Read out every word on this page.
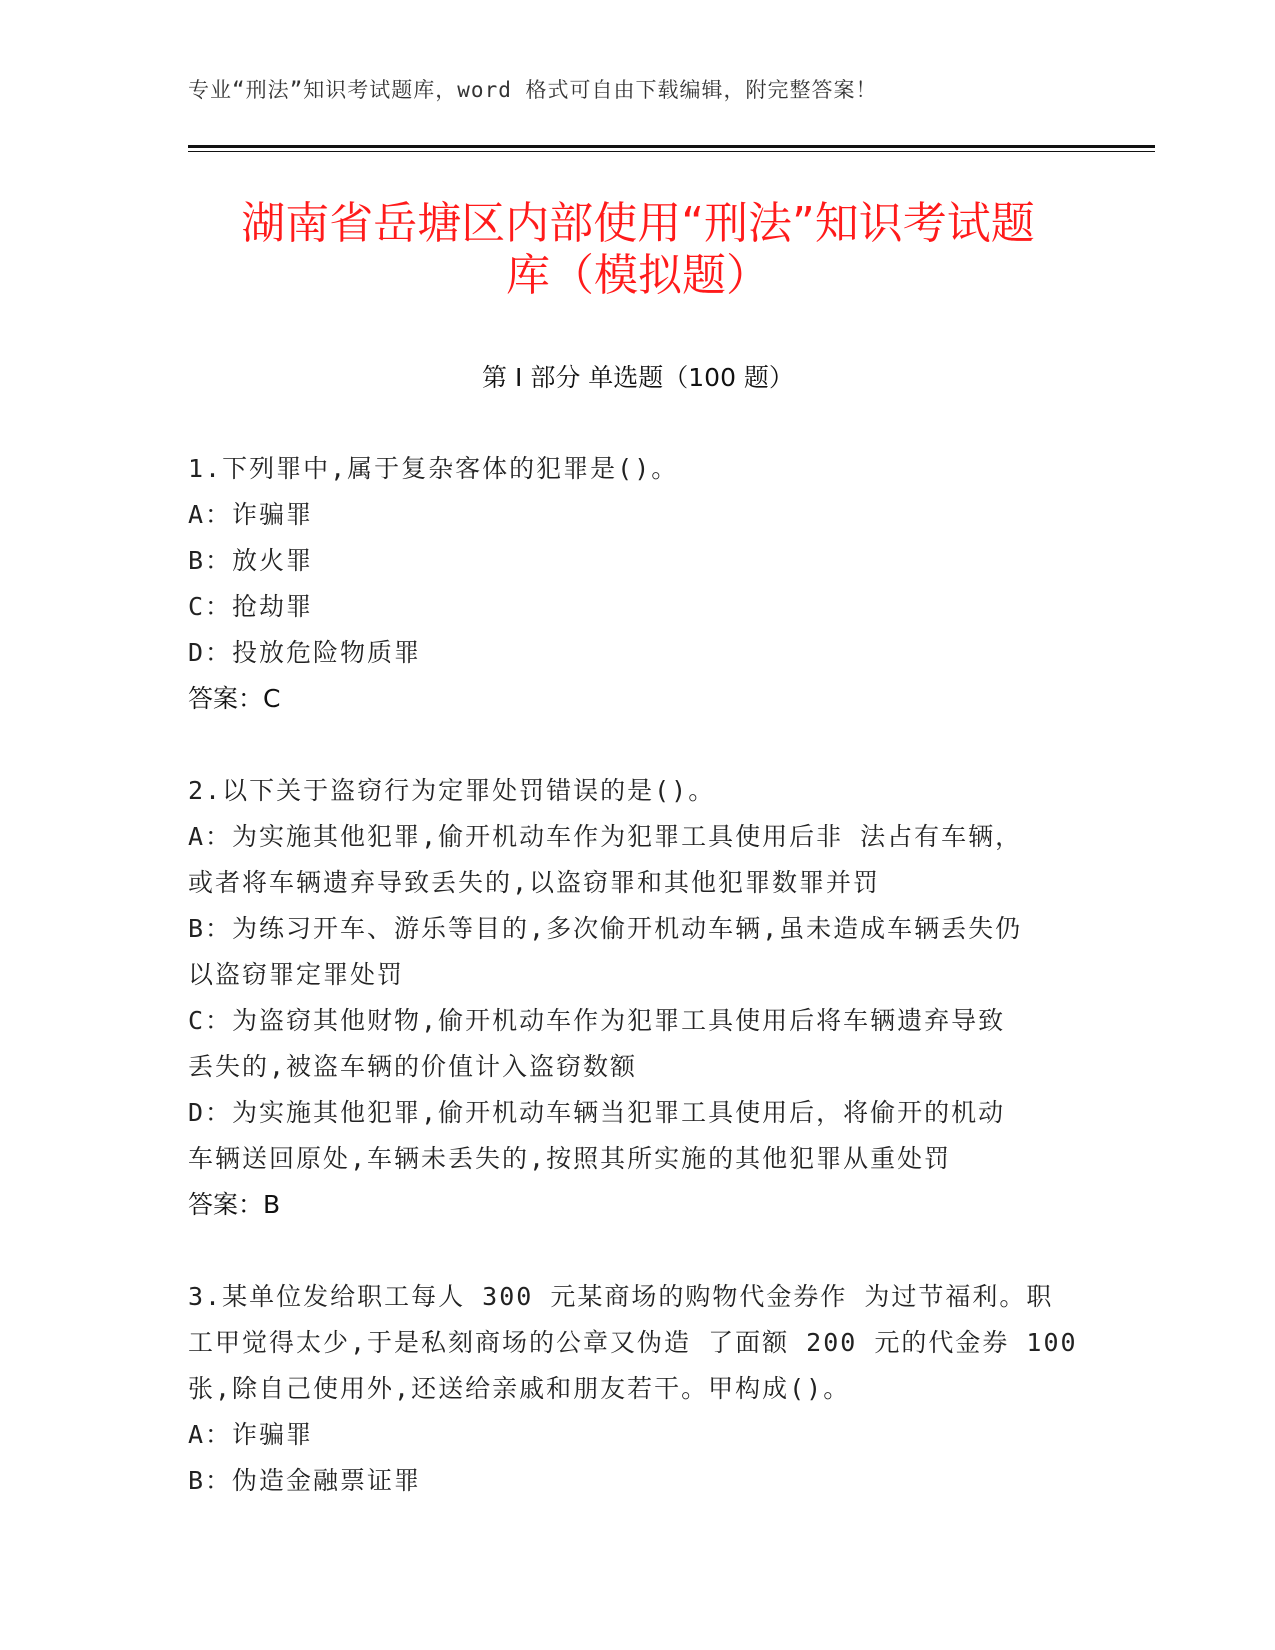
专业“刑法”知识考试题库，word 格式可自由下载编辑，附完整答案！
湖南省岳塘区内部使用“刑法”知识考试题
库（模拟题）
第 I 部分 单选题（100 题）
1.下列罪中,属于复杂客体的犯罪是()。
A：诈骗罪
B：放火罪
C：抢劫罪
D：投放危险物质罪
答案：C
2.以下关于盗窃行为定罪处罚错误的是()。
A：为实施其他犯罪,偷开机动车作为犯罪工具使用后非 法占有车辆，
或者将车辆遗弃导致丢失的,以盗窃罪和其他犯罪数罪并罚
B：为练习开车、游乐等目的,多次偷开机动车辆,虽未造成车辆丢失仍
以盗窃罪定罪处罚
C：为盗窃其他财物,偷开机动车作为犯罪工具使用后将车辆遗弃导致
丢失的,被盗车辆的价值计入盗窃数额
D：为实施其他犯罪,偷开机动车辆当犯罪工具使用后，将偷开的机动
车辆送回原处,车辆未丢失的,按照其所实施的其他犯罪从重处罚
答案：B
3.某单位发给职工每人 300 元某商场的购物代金券作 为过节福利。职
工甲觉得太少,于是私刻商场的公章又伪造 了面额 200 元的代金券 100
张,除自己使用外,还送给亲戚和朋友若干。甲构成()。
A：诈骗罪
B：伪造金融票证罪
